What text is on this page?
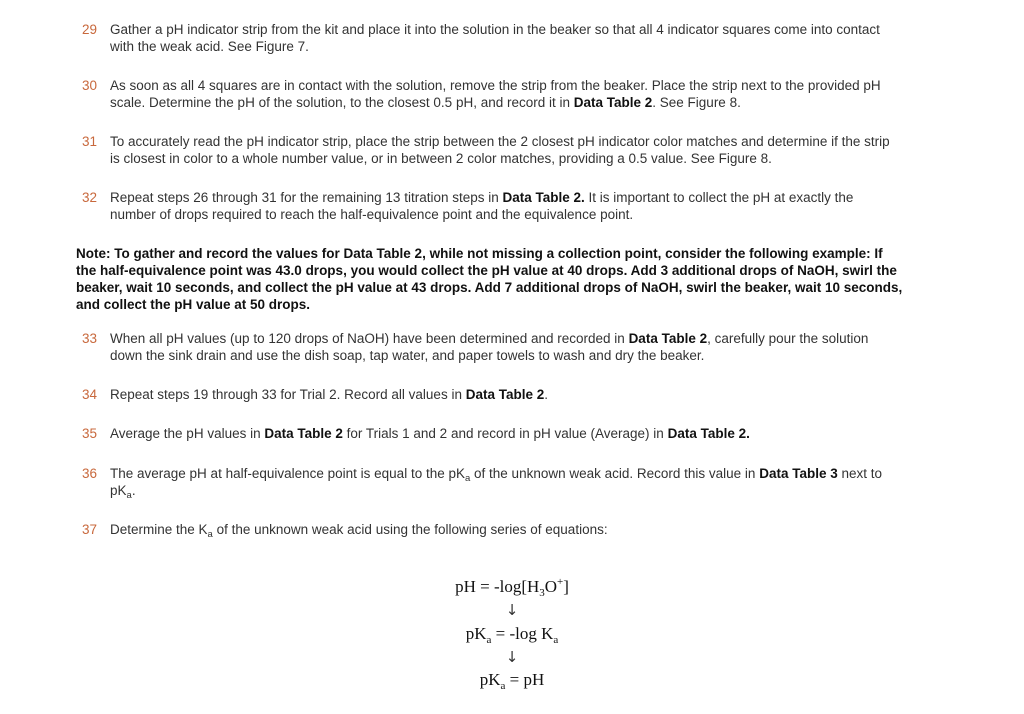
29 Gather a pH indicator strip from the kit and place it into the solution in the beaker so that all 4 indicator squares come into contact with the weak acid. See Figure 7.
30 As soon as all 4 squares are in contact with the solution, remove the strip from the beaker. Place the strip next to the provided pH scale. Determine the pH of the solution, to the closest 0.5 pH, and record it in Data Table 2. See Figure 8.
31 To accurately read the pH indicator strip, place the strip between the 2 closest pH indicator color matches and determine if the strip is closest in color to a whole number value, or in between 2 color matches, providing a 0.5 value. See Figure 8.
32 Repeat steps 26 through 31 for the remaining 13 titration steps in Data Table 2. It is important to collect the pH at exactly the number of drops required to reach the half-equivalence point and the equivalence point.
Note: To gather and record the values for Data Table 2, while not missing a collection point, consider the following example: If the half-equivalence point was 43.0 drops, you would collect the pH value at 40 drops. Add 3 additional drops of NaOH, swirl the beaker, wait 10 seconds, and collect the pH value at 43 drops. Add 7 additional drops of NaOH, swirl the beaker, wait 10 seconds, and collect the pH value at 50 drops.
33 When all pH values (up to 120 drops of NaOH) have been determined and recorded in Data Table 2, carefully pour the solution down the sink drain and use the dish soap, tap water, and paper towels to wash and dry the beaker.
34 Repeat steps 19 through 33 for Trial 2. Record all values in Data Table 2.
35 Average the pH values in Data Table 2 for Trials 1 and 2 and record in pH value (Average) in Data Table 2.
36 The average pH at half-equivalence point is equal to the $pK_a$ of the unknown weak acid. Record this value in Data Table 3 next to $pK_a$.
37 Determine the $K_a$ of the unknown weak acid using the following series of equations:
pH = $-\log[H_3O^+]$
↓
$pK_a = -\log$ $K_a$
↓
$pK_a$ = pH
